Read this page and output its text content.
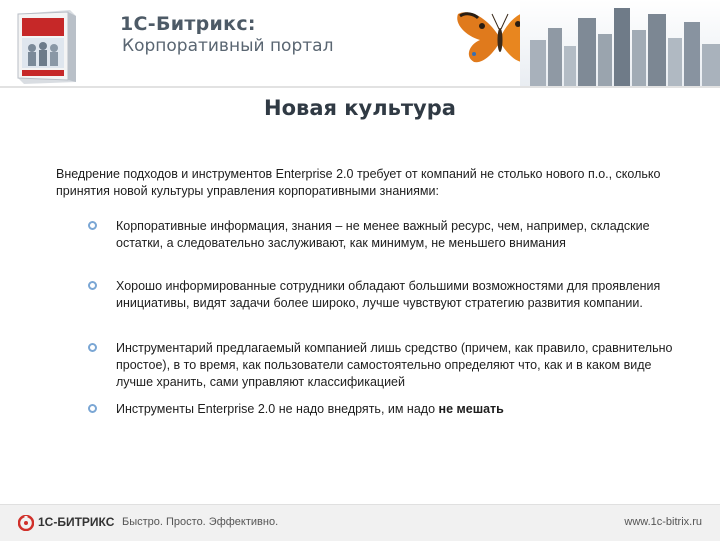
1С-Битрикс:
Корпоративный портал
Новая культура
Внедрение подходов и инструментов Enterprise 2.0 требует от компаний не столько нового п.о., сколько принятия новой культуры управления корпоративными знаниями:
Корпоративные информация, знания – не менее важный ресурс, чем, например, складские остатки, а следовательно заслуживают, как минимум, не меньшего внимания
Хорошо информированные сотрудники обладают большими возможностями для проявления инициативы, видят задачи более широко, лучше чувствуют стратегию развития компании.
Инструментарий предлагаемый компанией лишь средство (причем, как правило, сравнительно простое), в то время, как пользователи самостоятельно определяют что, как и в каком виде лучше хранить, сами управляют классификацией
Инструменты Enterprise 2.0 не надо внедрять, им надо не мешать
1С-БИТРИКС Быстро. Просто. Эффективно.	www.1c-bitrix.ru
